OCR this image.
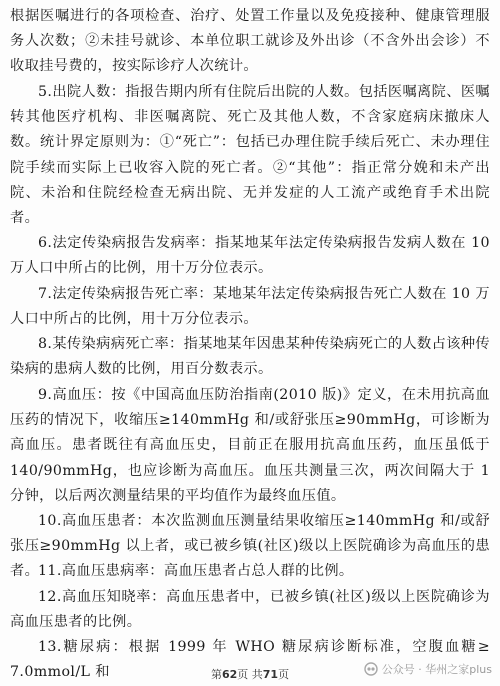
根据医嘱进行的各项检查、治疗、处置工作量以及免疫接种、健康管理服务人次数；②未挂号就诊、本单位职工就诊及外出诊（不含外出会诊）不收取挂号费的，按实际诊疗人次统计。

5.出院人数：指报告期内所有住院后出院的人数。包括医嘱离院、医嘱转其他医疗机构、非医嘱离院、死亡及其他人数，不含家庭病床撤床人数。统计界定原则为：①“死亡”：包括已办理住院手续后死亡、未办理住院手续而实际上已收容入院的死亡者。②“其他”：指正常分娩和未产出院、未治和住院经检查无病出院、无并发症的人工流产或绝育手术出院者。

6.法定传染病报告发病率：指某地某年法定传染病报告发病人数在 10 万人口中所占的比例，用十万分位表示。

7.法定传染病报告死亡率：某地某年法定传染病报告死亡人数在 10 万人口中所占的比例，用十万分位表示。

8.某传染病病死亡率：指某地某年因患某种传染病死亡的人数占该种传染病的患病人数的比例，用百分数表示。

9.高血压：按《中国高血压防治指南(2010 版)》定义，在未用抗高血压药的情况下，收缩压≥140mmHg 和/或舒张压≥90mmHg，可诊断为高血压。患者既往有高血压史，目前正在服用抗高血压药，血压虽低于 140/90mmHg，也应诊断为高血压。血压共测量三次，两次间隔大于 1 分钟，以后两次测量结果的平均值作为最终血压值。

10.高血压患者：本次监测血压测量结果收缩压≥140mmHg 和/或舒张压≥90mmHg 以上者，或已被乡镇(社区)级以上医院确诊为高血压的患者。

11.高血压患病率：高血压患者占总人群的比例。

12.高血压知晓率：高血压患者中，已被乡镇(社区)级以上医院确诊为高血压患者的比例。

13.糖尿病：根据 1999 年 WHO 糖尿病诊断标准，空腹血糖≥ 7.0mmol/L 和	第62页 共71页	公众号 · 华州之家plus
